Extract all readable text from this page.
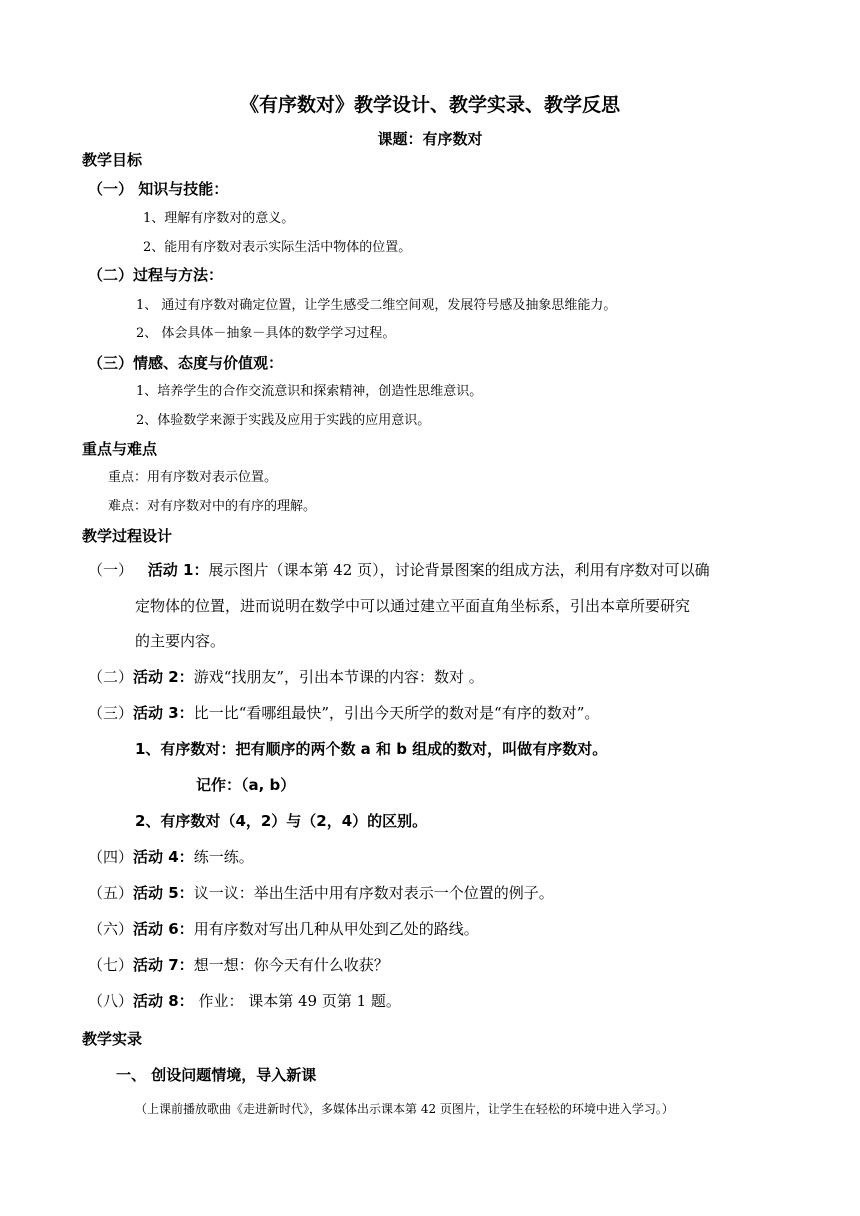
《有序数对》教学设计、教学实录、教学反思
课题：有序数对
教学目标
（一） 知识与技能：
1、理解有序数对的意义。
2、能用有序数对表示实际生活中物体的位置。
（二）过程与方法：
1、 通过有序数对确定位置，让学生感受二维空间观，发展符号感及抽象思维能力。
2、 体会具体－抽象－具体的数学学习过程。
（三）情感、态度与价值观：
1、培养学生的合作交流意识和探索精神，创造性思维意识。
2、体验数学来源于实践及应用于实践的应用意识。
重点与难点
重点：用有序数对表示位置。
难点：对有序数对中的有序的理解。
教学过程设计
（一） 活动 1：展示图片（课本第 42 页），讨论背景图案的组成方法，利用有序数对可以确
定物体的位置，进而说明在数学中可以通过建立平面直角坐标系，引出本章所要研究
的主要内容。
（二）活动 2：游戏“找朋友”，引出本节课的内容：数对 。
（三）活动 3：比一比“看哪组最快”，引出今天所学的数对是“有序的数对”。
1、有序数对：把有顺序的两个数 a 和 b 组成的数对，叫做有序数对。
记作：（a, b）
2、有序数对（4，2）与（2，4）的区别。
（四）活动 4：练一练。
（五）活动 5：议一议：举出生活中用有序数对表示一个位置的例子。
（六）活动 6：用有序数对写出几种从甲处到乙处的路线。
（七）活动 7：想一想：你今天有什么收获？
（八）活动 8： 作业： 课本第 49 页第 1 题。
教学实录
一、 创设问题情境，导入新课
（上课前播放歌曲《走进新时代》，多媒体出示课本第 42 页图片，让学生在轻松的环境中进入学习。）
